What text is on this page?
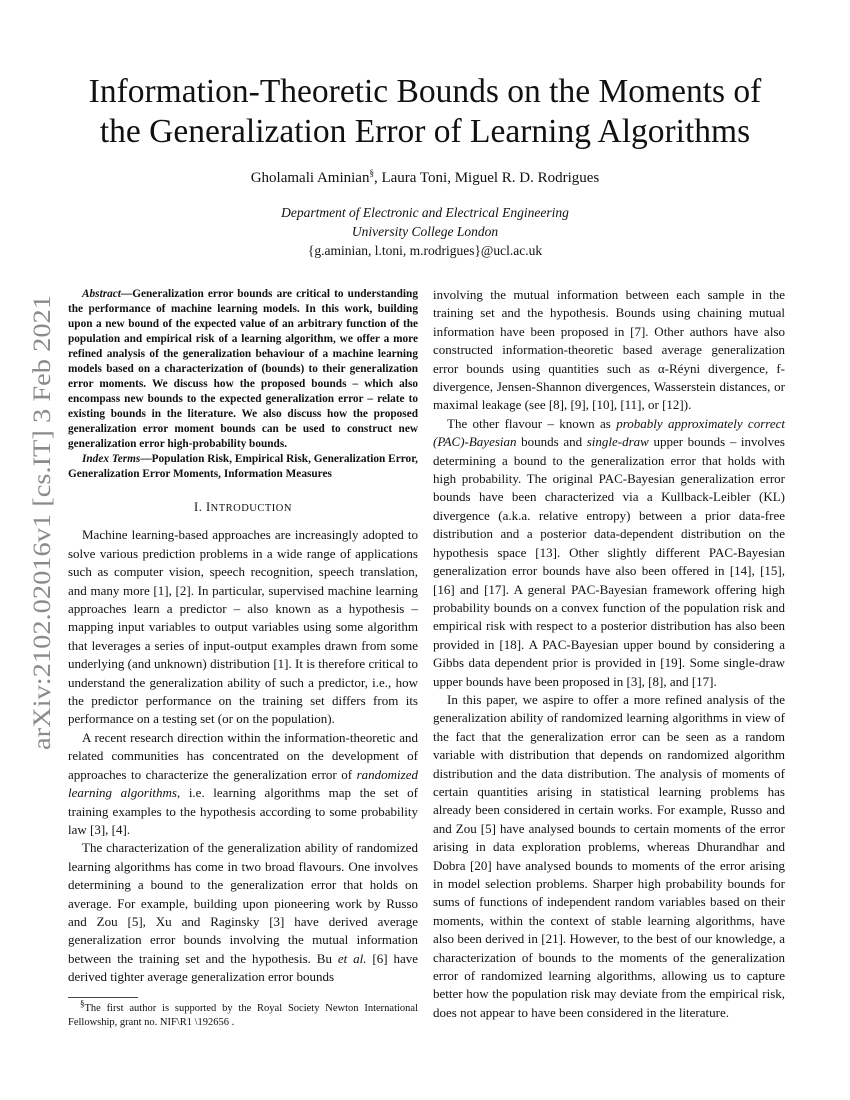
arXiv:2102.02016v1 [cs.IT] 3 Feb 2021
Information-Theoretic Bounds on the Moments of
the Generalization Error of Learning Algorithms
Gholamali Aminian§, Laura Toni, Miguel R. D. Rodrigues
Department of Electronic and Electrical Engineering
University College London
{g.aminian, l.toni, m.rodrigues}@ucl.ac.uk

Abstract—Generalization error bounds are critical to understanding the performance of machine learning models. In this work, building upon a new bound of the expected value of an arbitrary function of the population and empirical risk of a learning algorithm, we offer a more refined analysis of the generalization behaviour of a machine learning models based on a characterization of (bounds) to their generalization error moments. We discuss how the proposed bounds – which also encompass new bounds to the expected generalization error – relate to existing bounds in the literature. We also discuss how the proposed generalization error moment bounds can be used to construct new generalization error high-probability bounds.

Index Terms—Population Risk, Empirical Risk, Generalization Error, Generalization Error Moments, Information Measures

I. INTRODUCTION

Machine learning-based approaches are increasingly adopted to solve various prediction problems in a wide range of applications such as computer vision, speech recognition, speech translation, and many more [1], [2]. In particular, supervised machine learning approaches learn a predictor – also known as a hypothesis – mapping input variables to output variables using some algorithm that leverages a series of input-output examples drawn from some underlying (and unknown) distribution [1]. It is therefore critical to understand the generalization ability of such a predictor, i.e., how the predictor performance on the training set differs from its performance on a testing set (or on the population).

A recent research direction within the information-theoretic and related communities has concentrated on the development of approaches to characterize the generalization error of randomized learning algorithms, i.e. learning algorithms map the set of training examples to the hypothesis according to some probability law [3], [4].

The characterization of the generalization ability of randomized learning algorithms has come in two broad flavours. One involves determining a bound to the generalization error that holds on average. For example, building upon pioneering work by Russo and Zou [5], Xu and Raginsky [3] have derived average generalization error bounds involving the mutual information between the training set and the hypothesis. Bu et al. [6] have derived tighter average generalization error bounds

§The first author is supported by the Royal Society Newton International Fellowship, grant no. NIF\R1 \192656 .

involving the mutual information between each sample in the training set and the hypothesis. Bounds using chaining mutual information have been proposed in [7]. Other authors have also constructed information-theoretic based average generalization error bounds using quantities such as α-Réyni divergence, f-divergence, Jensen-Shannon divergences, Wasserstein distances, or maximal leakage (see [8], [9], [10], [11], or [12]).

The other flavour – known as probably approximately correct (PAC)-Bayesian bounds and single-draw upper bounds – involves determining a bound to the generalization error that holds with high probability. The original PAC-Bayesian generalization error bounds have been characterized via a Kullback-Leibler (KL) divergence (a.k.a. relative entropy) between a prior data-free distribution and a posterior data-dependent distribution on the hypothesis space [13]. Other slightly different PAC-Bayesian generalization error bounds have also been offered in [14], [15], [16] and [17]. A general PAC-Bayesian framework offering high probability bounds on a convex function of the population risk and empirical risk with respect to a posterior distribution has also been provided in [18]. A PAC-Bayesian upper bound by considering a Gibbs data dependent prior is provided in [19]. Some single-draw upper bounds have been proposed in [3], [8], and [17].

In this paper, we aspire to offer a more refined analysis of the generalization ability of randomized learning algorithms in view of the fact that the generalization error can be seen as a random variable with distribution that depends on randomized algorithm distribution and the data distribution. The analysis of moments of certain quantities arising in statistical learning problems has already been considered in certain works. For example, Russo and and Zou [5] have analysed bounds to certain moments of the error arising in data exploration problems, whereas Dhurandhar and Dobra [20] have analysed bounds to moments of the error arising in model selection problems. Sharper high probability bounds for sums of functions of independent random variables based on their moments, within the context of stable learning algorithms, have also been derived in [21]. However, to the best of our knowledge, a characterization of bounds to the moments of the generalization error of randomized learning algorithms, allowing us to capture better how the population risk may deviate from the empirical risk, does not appear to have been considered in the literature.
